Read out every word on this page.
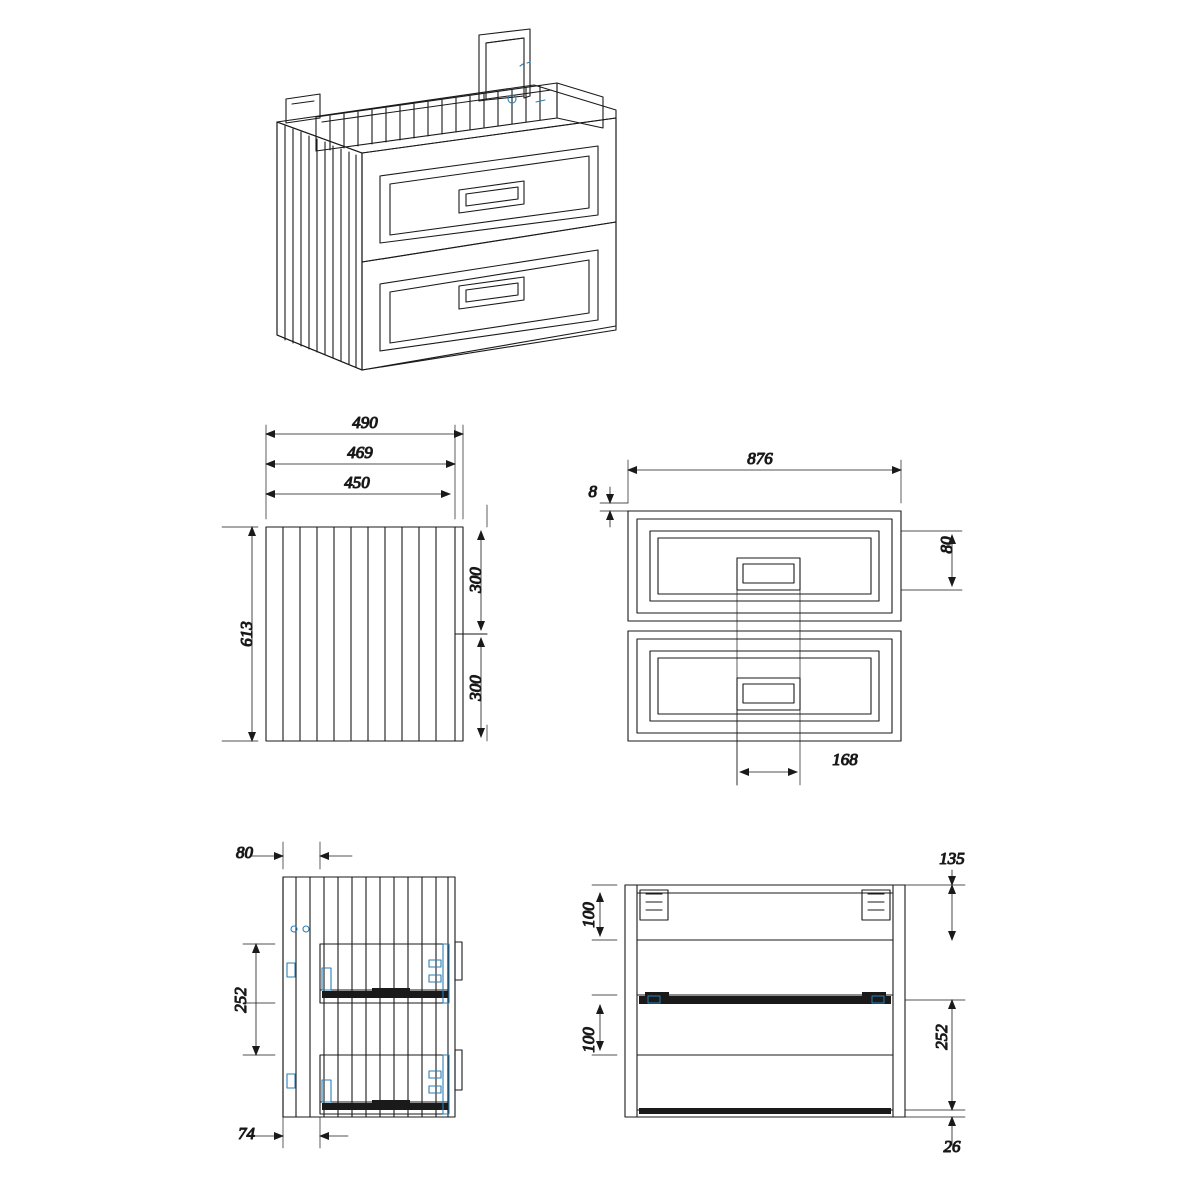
490
469
450
613
300
300
876
8
80
168
80
252
74
135
100
100	252
26
